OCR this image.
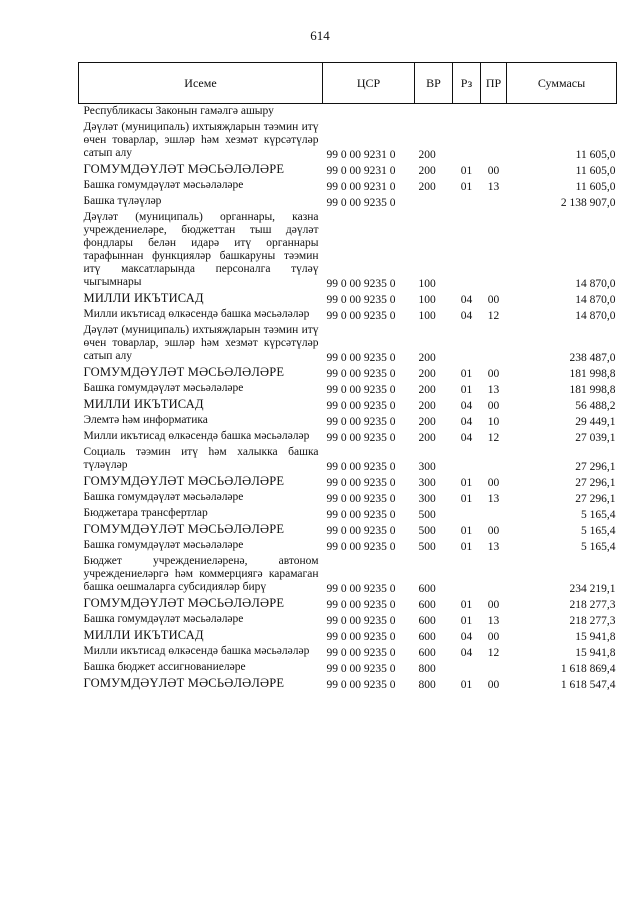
614
Исеме	ЦСР	ВР	Рз	ПР	Суммасы
Республикасы Законын гамәлгә ашыру					
Дәүләт (муниципаль) ихтыяҗларын тәэмин итү өчен товарлар, эшләр һәм хезмәт күрсәтүләр сатып алу	99 0 00 9231 0	200			11 605,0
ГОМУМДӘҮЛӘТ МӘСЬӘЛӘЛӘРЕ	99 0 00 9231 0	200	01	00	11 605,0
Башка гомумдәүләт мәсьәләләре	99 0 00 9231 0	200	01	13	11 605,0
Башка түләүләр	99 0 00 9235 0				2 138 907,0
Дәүләт (муниципаль) органнары, казна учреждениеләре, бюджеттан тыш дәүләт фондлары белән идарә итү органнары тарафыннан функцияләр башкаруны тәэмин итү максатларында персоналга түләү чыгымнары	99 0 00 9235 0	100			14 870,0
МИЛЛИ ИКЪТИСАД	99 0 00 9235 0	100	04	00	14 870,0
Милли икътисад өлкәсендә башка мәсьәләләр	99 0 00 9235 0	100	04	12	14 870,0
Дәүләт (муниципаль) ихтыяҗларын тәэмин итү өчен товарлар, эшләр һәм хезмәт күрсәтүләр сатып алу	99 0 00 9235 0	200			238 487,0
ГОМУМДӘҮЛӘТ МӘСЬӘЛӘЛӘРЕ	99 0 00 9235 0	200	01	00	181 998,8
Башка гомумдәүләт мәсьәләләре	99 0 00 9235 0	200	01	13	181 998,8
МИЛЛИ ИКЪТИСАД	99 0 00 9235 0	200	04	00	56 488,2
Элемтә һәм информатика	99 0 00 9235 0	200	04	10	29 449,1
Милли икътисад өлкәсендә башка мәсьәләләр	99 0 00 9235 0	200	04	12	27 039,1
Социаль тәэмин итү һәм халыкка башка түләүләр	99 0 00 9235 0	300			27 296,1
ГОМУМДӘҮЛӘТ МӘСЬӘЛӘЛӘРЕ	99 0 00 9235 0	300	01	00	27 296,1
Башка гомумдәүләт мәсьәләләре	99 0 00 9235 0	300	01	13	27 296,1
Бюджетара трансфертлар	99 0 00 9235 0	500			5 165,4
ГОМУМДӘҮЛӘТ МӘСЬӘЛӘЛӘРЕ	99 0 00 9235 0	500	01	00	5 165,4
Башка гомумдәүләт мәсьәләләре	99 0 00 9235 0	500	01	13	5 165,4
Бюджет учреждениеләренә, автоном учреждениеләргә һәм коммерциягә карамаган башка оешмаларга субсидияләр бирү	99 0 00 9235 0	600			234 219,1
ГОМУМДӘҮЛӘТ МӘСЬӘЛӘЛӘРЕ	99 0 00 9235 0	600	01	00	218 277,3
Башка гомумдәүләт мәсьәләләре	99 0 00 9235 0	600	01	13	218 277,3
МИЛЛИ ИКЪТИСАД	99 0 00 9235 0	600	04	00	15 941,8
Милли икътисад өлкәсендә башка мәсьәләләр	99 0 00 9235 0	600	04	12	15 941,8
Башка бюджет ассигнованиеләре	99 0 00 9235 0	800			1 618 869,4
ГОМУМДӘҮЛӘТ МӘСЬӘЛӘЛӘРЕ	99 0 00 9235 0	800	01	00	1 618 547,4
